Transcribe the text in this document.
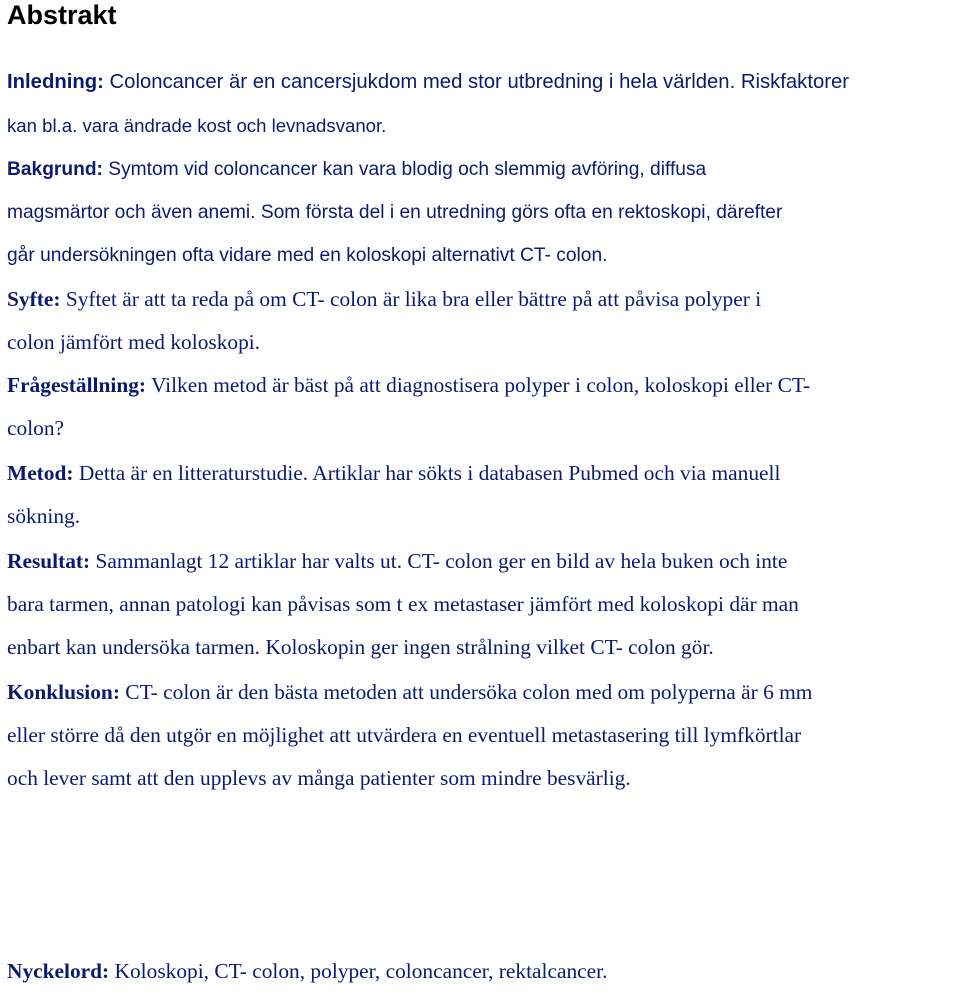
Abstrakt

Inledning: Coloncancer är en cancersjukdom med stor utbredning i hela världen. Riskfaktorer
kan bl.a. vara ändrade kost och levnadsvanor.

Bakgrund: Symtom vid coloncancer kan vara blodig och slemmig avföring, diffusa
magsmärtor och även anemi. Som första del i en utredning görs ofta en rektoskopi, därefter
går undersökningen ofta vidare med en koloskopi alternativt CT- colon.

Syfte: Syftet är att ta reda på om CT- colon är lika bra eller bättre på att påvisa polyper i
colon jämfört med koloskopi.

Frågeställning: Vilken metod är bäst på att diagnostisera polyper i colon, koloskopi eller CT-
colon?

Metod: Detta är en litteraturstudie. Artiklar har sökts i databasen Pubmed och via manuell
sökning.

Resultat: Sammanlagt 12 artiklar har valts ut. CT- colon ger en bild av hela buken och inte
bara tarmen, annan patologi kan påvisas som t ex metastaser jämfört med koloskopi där man
enbart kan undersöka tarmen. Koloskopin ger ingen strålning vilket CT- colon gör.

Konklusion: CT- colon är den bästa metoden att undersöka colon med om polyperna är 6 mm
eller större då den utgör en möjlighet att utvärdera en eventuell metastasering till lymfkörtlar
och lever samt att den upplevs av många patienter som mindre besvärlig.

Nyckelord: Koloskopi, CT- colon, polyper, coloncancer, rektalcancer.
